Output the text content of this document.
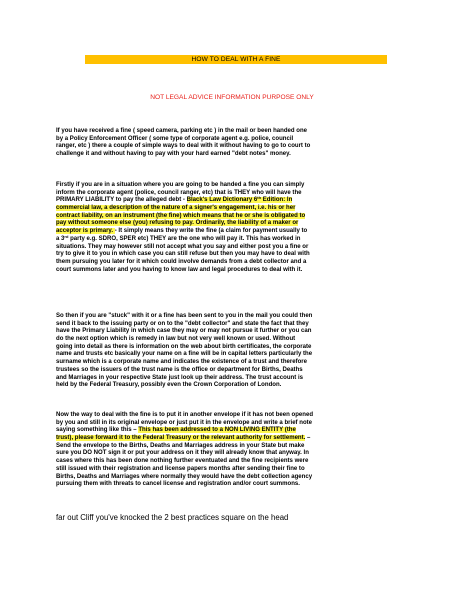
HOW TO DEAL WITH A FINE
NOT LEGAL ADVICE INFORMATION PURPOSE ONLY
If you have received a fine ( speed camera, parking etc ) in the mail or been handed one
by a Policy Enforcement Officer ( some type of corporate agent e.g. police, council
ranger, etc ) there a couple of simple ways to deal with it without having to go to court to
challenge it and without having to pay with your hard earned "debt notes" money.
Firstly if you are in a situation where you are going to be handed a fine you can simply
inform the corporate agent (police, council ranger, etc) that is THEY who will have the
PRIMARY LIABILITY to pay the alleged debt - Black's Law Dictionary 6th Edition: In
commercial law, a description of the nature of a signer's engagement, i.e. his or her
contract liability, on an instrument (the fine) which means that he or she is obligated to
pay without someone else (you) refusing to pay. Ordinarily, the liability of a maker or
acceptor is primary. - It simply means they write the fine (a claim for payment usually to
a 3rd party e.g. SDRO, SPER etc) THEY are the one who will pay it. This has worked in
situations. They may however still not accept what you say and either post you a fine or
try to give it to you in which case you can still refuse but then you may have to deal with
them pursuing you later for it which could involve demands from a debt collector and a
court summons later and you having to know law and legal procedures to deal with it.
So then if you are "stuck" with it or a fine has been sent to you in the mail you could then
send it back to the issuing party or on to the "debt collector" and state the fact that they
have the Primary Liability in which case they may or may not pursue it further or you can
do the next option which is remedy in law but not very well known or used. Without
going into detail as there is information on the web about birth certificates, the corporate
name and trusts etc basically your name on a fine will be in capital letters particularly the
surname which is a corporate name and indicates the existence of a trust and therefore
trustees so the issuers of the trust name is the office or department for Births, Deaths
and Marriages in your respective State just look up their address. The trust account is
held by the Federal Treasury, possibly even the Crown Corporation of London.
Now the way to deal with the fine is to put it in another envelope if it has not been opened
by you and still in its original envelope or just put it in the envelope and write a brief note
saying something like this – This has been addressed to a NON LIVING ENTITY (the
trust), please forward it to the Federal Treasury or the relevant authority for settlement. –
Send the envelope to the Births, Deaths and Marriages address in your State but make
sure you DO NOT sign it or put your address on it they will already know that anyway. In
cases where this has been done nothing further eventuated and the fine recipients were
still issued with their registration and license papers months after sending their fine to
Births, Deaths and Marriages where normally they would have the debt collection agency
pursuing them with threats to cancel license and registration and/or court summons.
far out Cliff you've knocked the 2 best practices square on the head
